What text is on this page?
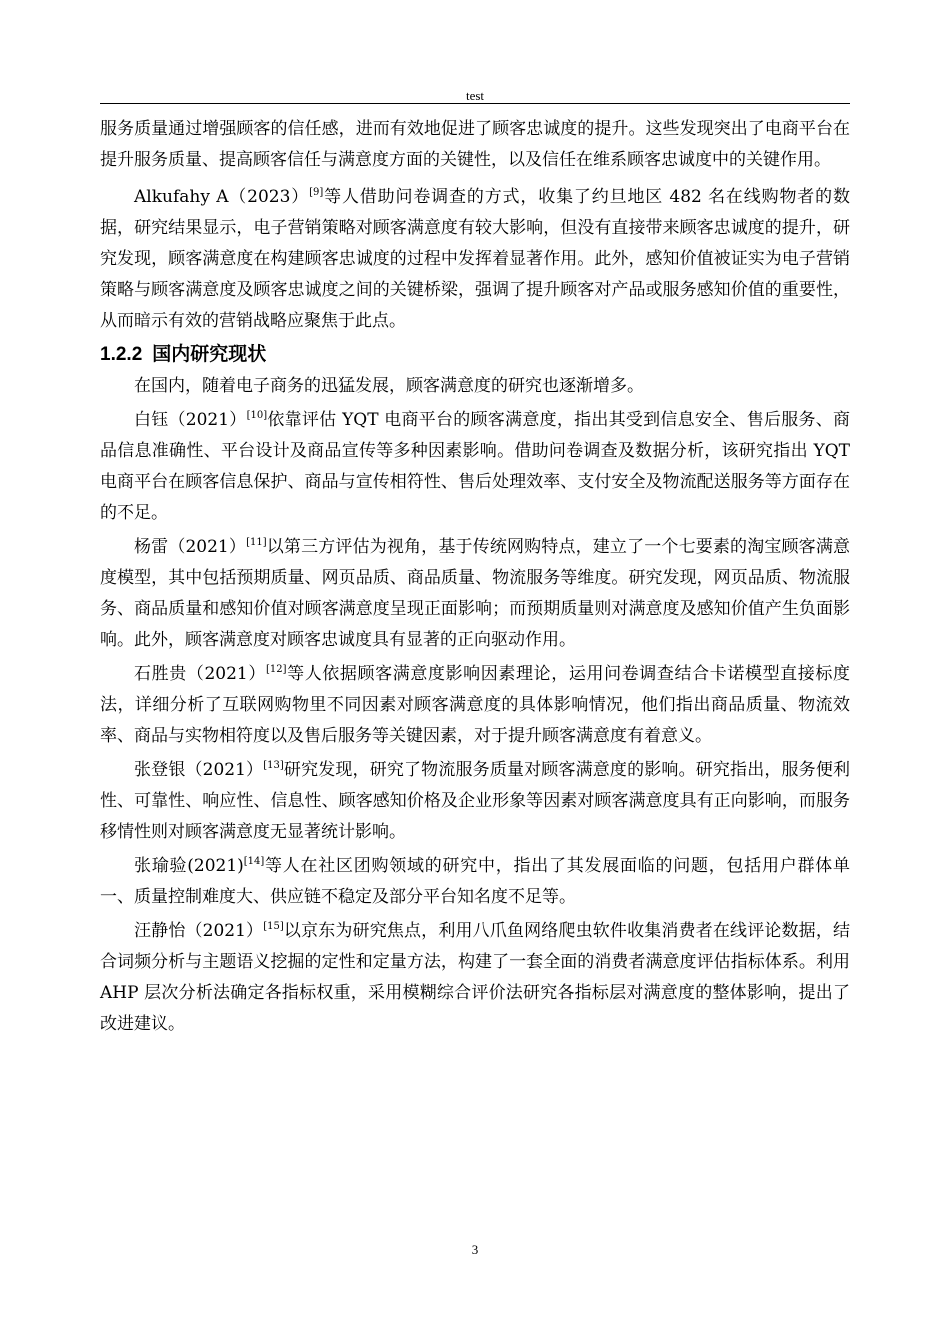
test

服务质量通过增强顾客的信任感，进而有效地促进了顾客忠诚度的提升。这些发现突出了电商平台在提升服务质量、提高顾客信任与满意度方面的关键性，以及信任在维系顾客忠诚度中的关键作用。

Alkufahy A（2023）[9]等人借助问卷调查的方式，收集了约旦地区 482 名在线购物者的数据，研究结果显示，电子营销策略对顾客满意度有较大影响，但没有直接带来顾客忠诚度的提升，研究发现，顾客满意度在构建顾客忠诚度的过程中发挥着显著作用。此外，感知价值被证实为电子营销策略与顾客满意度及顾客忠诚度之间的关键桥梁，强调了提升顾客对产品或服务感知价值的重要性，从而暗示有效的营销战略应聚焦于此点。

1.2.2 国内研究现状

在国内，随着电子商务的迅猛发展，顾客满意度的研究也逐渐增多。

白钰（2021）[10]依靠评估 YQT 电商平台的顾客满意度，指出其受到信息安全、售后服务、商品信息准确性、平台设计及商品宣传等多种因素影响。借助问卷调查及数据分析，该研究指出 YQT 电商平台在顾客信息保护、商品与宣传相符性、售后处理效率、支付安全及物流配送服务等方面存在的不足。

杨雷（2021）[11]以第三方评估为视角，基于传统网购特点，建立了一个七要素的淘宝顾客满意度模型，其中包括预期质量、网页品质、商品质量、物流服务等维度。研究发现，网页品质、物流服务、商品质量和感知价值对顾客满意度呈现正面影响；而预期质量则对满意度及感知价值产生负面影响。此外，顾客满意度对顾客忠诚度具有显著的正向驱动作用。

石胜贵（2021）[12]等人依据顾客满意度影响因素理论，运用问卷调查结合卡诺模型直接标度法，详细分析了互联网购物里不同因素对顾客满意度的具体影响情况，他们指出商品质量、物流效率、商品与实物相符度以及售后服务等关键因素，对于提升顾客满意度有着意义。

张登银（2021）[13]研究发现，研究了物流服务质量对顾客满意度的影响。研究指出，服务便利性、可靠性、响应性、信息性、顾客感知价格及企业形象等因素对顾客满意度具有正向影响，而服务移情性则对顾客满意度无显著统计影响。

张瑜验(2021)[14]等人在社区团购领域的研究中，指出了其发展面临的问题，包括用户群体单一、质量控制难度大、供应链不稳定及部分平台知名度不足等。

汪静怡（2021）[15]以京东为研究焦点，利用八爪鱼网络爬虫软件收集消费者在线评论数据，结合词频分析与主题语义挖掘的定性和定量方法，构建了一套全面的消费者满意度评估指标体系。利用 AHP 层次分析法确定各指标权重，采用模糊综合评价法研究各指标层对满意度的整体影响，提出了改进建议。

3
